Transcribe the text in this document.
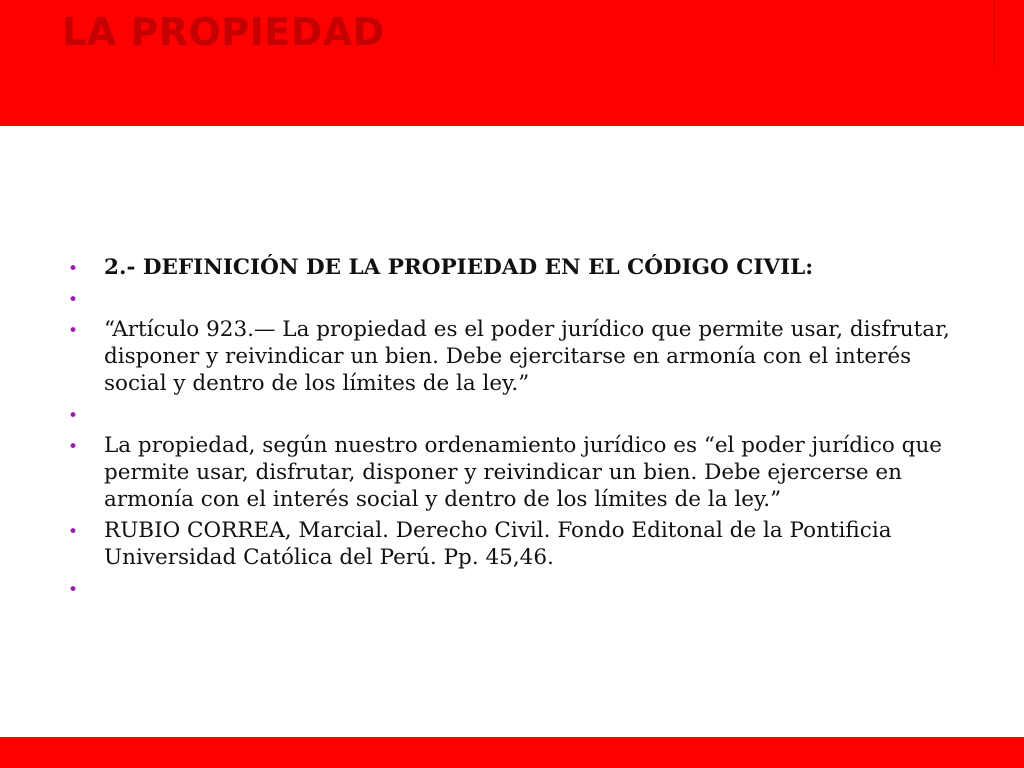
LA PROPIEDAD
•	2.- DEFINICIÓN DE LA PROPIEDAD EN EL CÓDIGO CIVIL:
•
•	“Artículo 923.— La propiedad es el poder jurídico que permite usar, disfrutar, disponer y reivindicar un bien. Debe ejercitarse en armonía con el interés social y dentro de los límites de la ley.”
•
•	La propiedad, según nuestro ordenamiento jurídico es “el poder jurídico que permite usar, disfrutar, disponer y reivindicar un bien. Debe ejercerse en armonía con el interés social y dentro de los límites de la ley.”
•	RUBIO CORREA, Marcial. Derecho Civil. Fondo Editonal de la Pontificia Universidad Católica del Perú. Pp. 45,46.
•
